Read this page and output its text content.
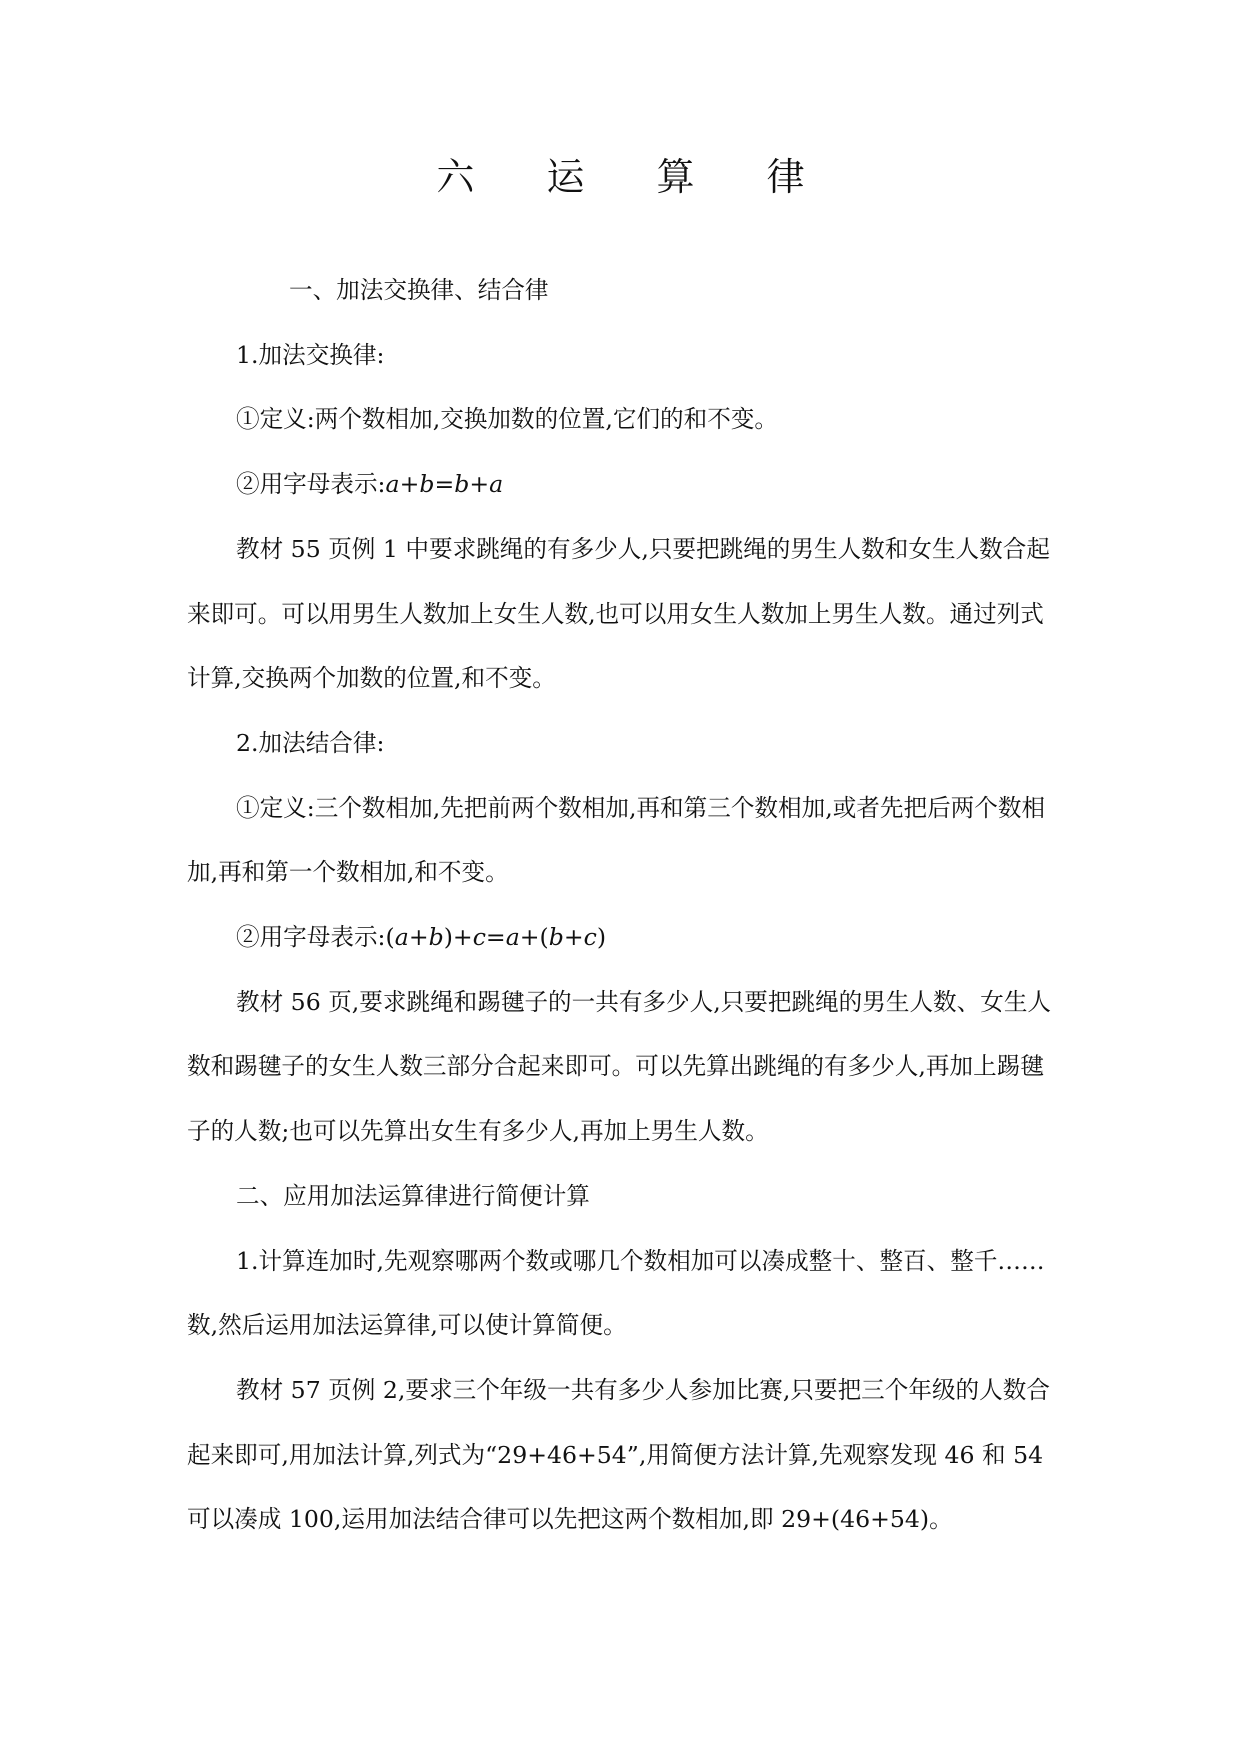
六 运 算 律

一、加法交换律、结合律

1.加法交换律:

①定义:两个数相加,交换加数的位置,它们的和不变。

②用字母表示:a+b=b+a

教材 55 页例 1 中要求跳绳的有多少人,只要把跳绳的男生人数和女生人数合起来即可。可以用男生人数加上女生人数,也可以用女生人数加上男生人数。通过列式计算,交换两个加数的位置,和不变。

2.加法结合律:

①定义:三个数相加,先把前两个数相加,再和第三个数相加,或者先把后两个数相加,再和第一个数相加,和不变。

②用字母表示:(a+b)+c=a+(b+c)

教材 56 页,要求跳绳和踢毽子的一共有多少人,只要把跳绳的男生人数、女生人数和踢毽子的女生人数三部分合起来即可。可以先算出跳绳的有多少人,再加上踢毽子的人数;也可以先算出女生有多少人,再加上男生人数。

二、应用加法运算律进行简便计算

1.计算连加时,先观察哪两个数或哪几个数相加可以凑成整十、整百、整千……数,然后运用加法运算律,可以使计算简便。

教材 57 页例 2,要求三个年级一共有多少人参加比赛,只要把三个年级的人数合起来即可,用加法计算,列式为“29+46+54”,用简便方法计算,先观察发现 46 和 54 可以凑成 100,运用加法结合律可以先把这两个数相加,即 29+(46+54)。
